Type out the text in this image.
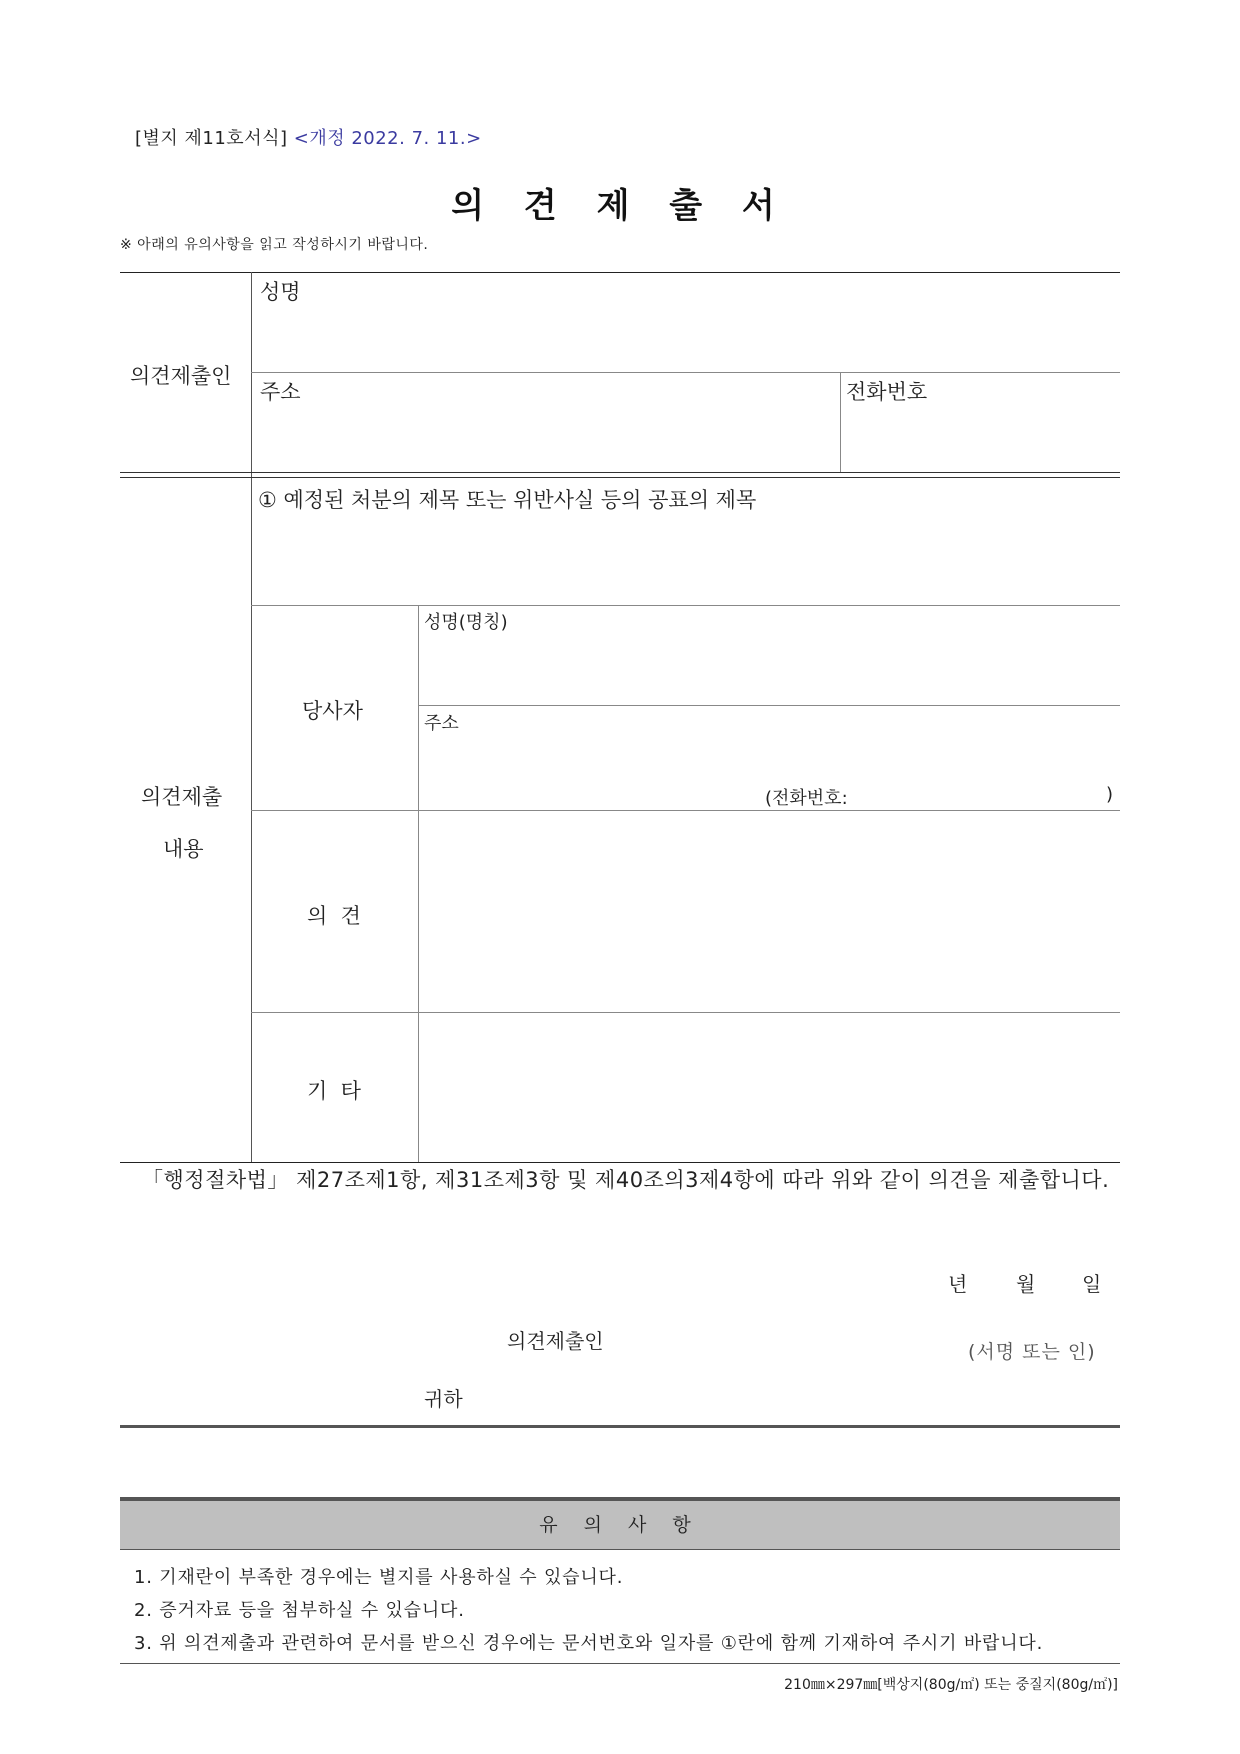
[별지 제11호서식] <개정 2022. 7. 11.>
의 견 제 출 서
※ 아래의 유의사항을 읽고 작성하시기 바랍니다.
의견제출인
성명
주소	전화번호
의견제출
내용
① 예정된 처분의 제목 또는 위반사실 등의 공표의 제목
당사자
성명(명칭)
주소
(전화번호:	)
의  견
기  타
「행정절차법」 제27조제1항, 제31조제3항 및 제40조의3제4항에 따라 위와 같이 의견을 제출합니다.
년 월 일
의견제출인	(서명 또는 인)
귀하
유 의 사 항
1. 기재란이 부족한 경우에는 별지를 사용하실 수 있습니다.
2. 증거자료 등을 첨부하실 수 있습니다.
3. 위 의견제출과 관련하여 문서를 받으신 경우에는 문서번호와 일자를 ①란에 함께 기재하여 주시기 바랍니다.
210㎜×297㎜[백상지(80g/㎡) 또는 중질지(80g/㎡)]
